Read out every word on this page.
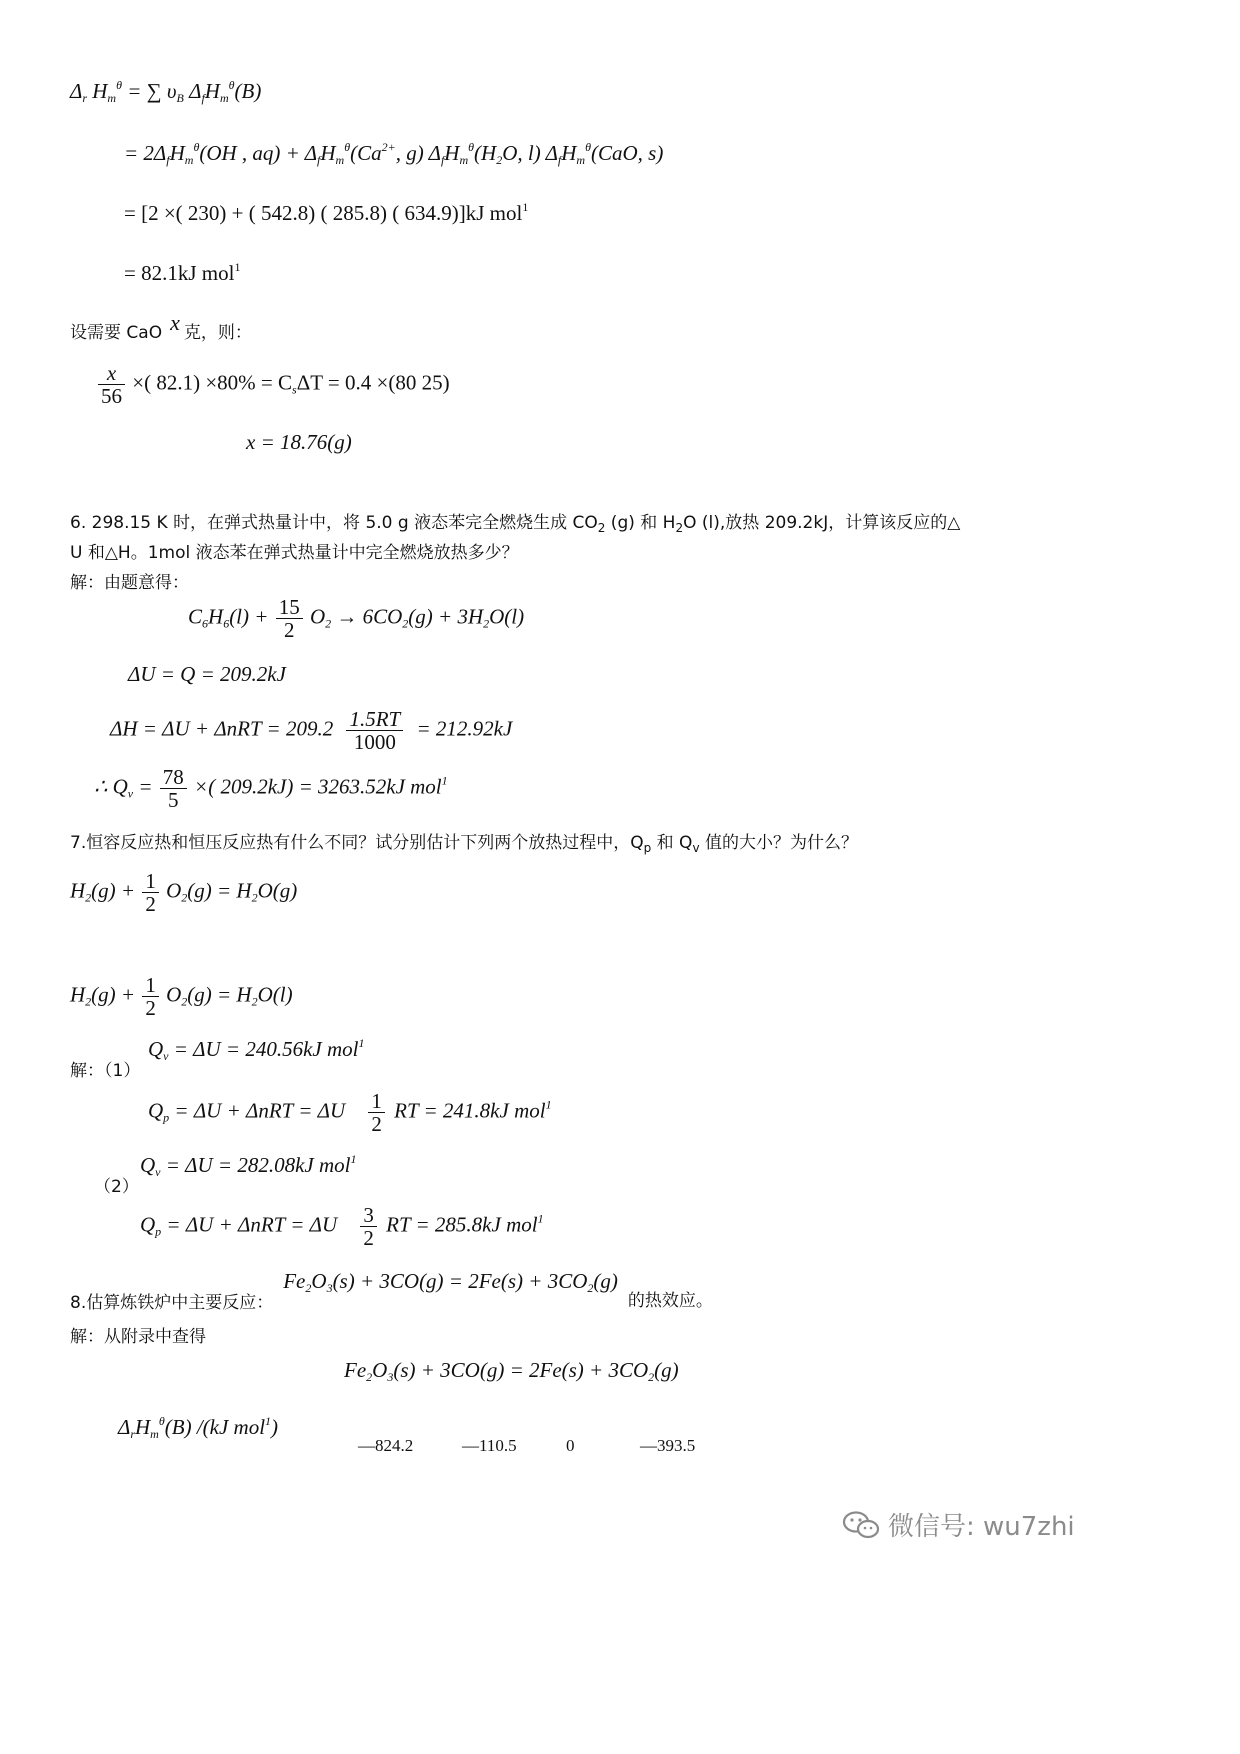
$\Delta_r$ $H_m^\theta$ = ∑ $\upsilon_B$ $\Delta_fH_m^\theta(B)$
= $2\Delta_fH_m^\theta(OH$ , $aq) + \Delta_fH_m^\theta(Ca^{2+}$, g) $\Delta_fH_m^\theta(H_2O$, l) $\Delta_fH_m^\theta(CaO$, s)
= [2 ×( 230) + ( 542.8) ( 285.8) ( 634.9)]kJ mol$^1$
= 82.1kJ mol$^1$
设需要 CaO x 克，则：
$\frac{x}{56}$ ×( $82.1) \times 80\% = C_s\Delta T = 0.4 \times(80$ 25)
x = 18.76(g)
6. 298.15 K 时，在弹式热量计中，将 5.0 g 液态苯完全燃烧生成 $CO_2$ (g) 和 $H_2O$ (l),放热 209.2kJ，计算该反应的△
U 和△H。1mol 液态苯在弹式热量计中完全燃烧放热多少？
解：由题意得：
$C_6H_6(l) + \frac{15}{2} O_2 \to 6CO_2(g) + 3H_2O(l)$
ΔU = Q = 209.2kJ
$\Delta H = \Delta U + \Delta nRT = 209.2 \frac{1.5RT}{1000} = 212.92kJ$
∴ $Q_v = \frac{78}{5}$ ×( 209.2kJ) = 3263.52kJ mol$^1$
7.恒容反应热和恒压反应热有什么不同？试分别估计下列两个放热过程中，$Q_p$ 和 $Q_v$ 值的大小？为什么？
$H_2(g) + \frac{1}{2} O_2(g) = H_2O(g)$
$H_2(g) + \frac{1}{2} O_2(g) = H_2O(l)$
$Q_v = \Delta U = 240.56kJ$ mol$^1$
解：（1）
$Q_p = \Delta U + \Delta nRT = \Delta U \frac{1}{2}$ RT = 241.8kJ mol$^1$
$Q_v = \Delta U = 282.08kJ$ mol$^1$
（2）
$Q_p = \Delta U + \Delta nRT = \Delta U \frac{3}{2}$ RT = 285.8kJ mol$^1$
8.估算炼铁炉中主要反应： $Fe_2O_3(s) + 3CO(g) = 2Fe(s) + 3CO_2(g)$ 的热效应。
解：从附录中查得
$Fe_2O_3(s) + 3CO(g) = 2Fe(s) + 3CO_2(g)$
$\Delta_rH_m^\theta(B)$ /(kJ mol$^1$)
—824.2	—110.5	0	—393.5
微信号: wu7zhi
